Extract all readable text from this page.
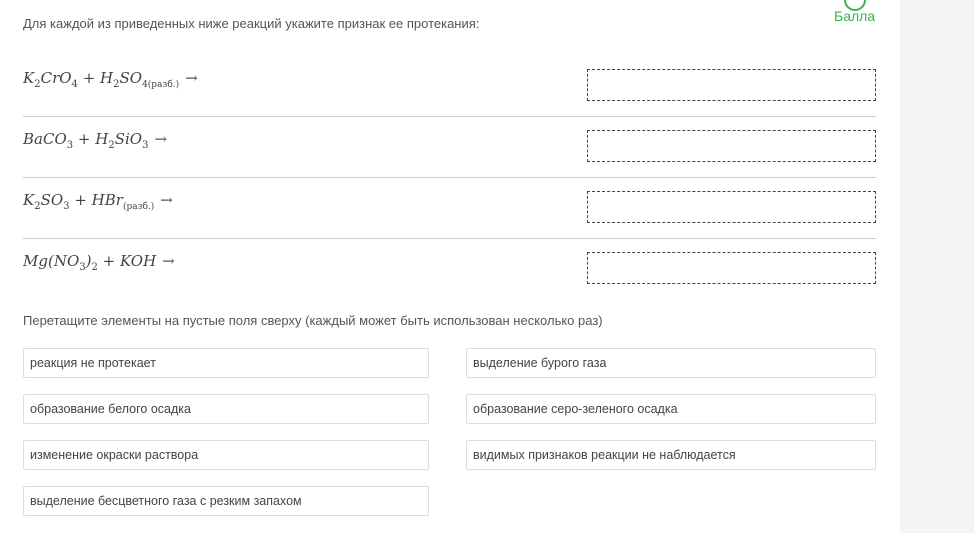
Балла
Для каждой из приведенных ниже реакций укажите признак ее протекания:
$K_2CrO_4 + H_2SO_{4(разб.)}$ →
BaCO$_3$ + $H_2SiO_3$ →
$K_2SO_3 + HBr_{(разб.)}$ →
$Mg(NO_3)_2$ + KOH →
Перетащите элементы на пустые поля сверху (каждый может быть использован несколько раз)
реакция не протекает	выделение бурого газа
образование белого осадка	образование серо-зеленого осадка
изменение окраски раствора	видимых признаков реакции не наблюдается
выделение бесцветного газа с резким запахом
